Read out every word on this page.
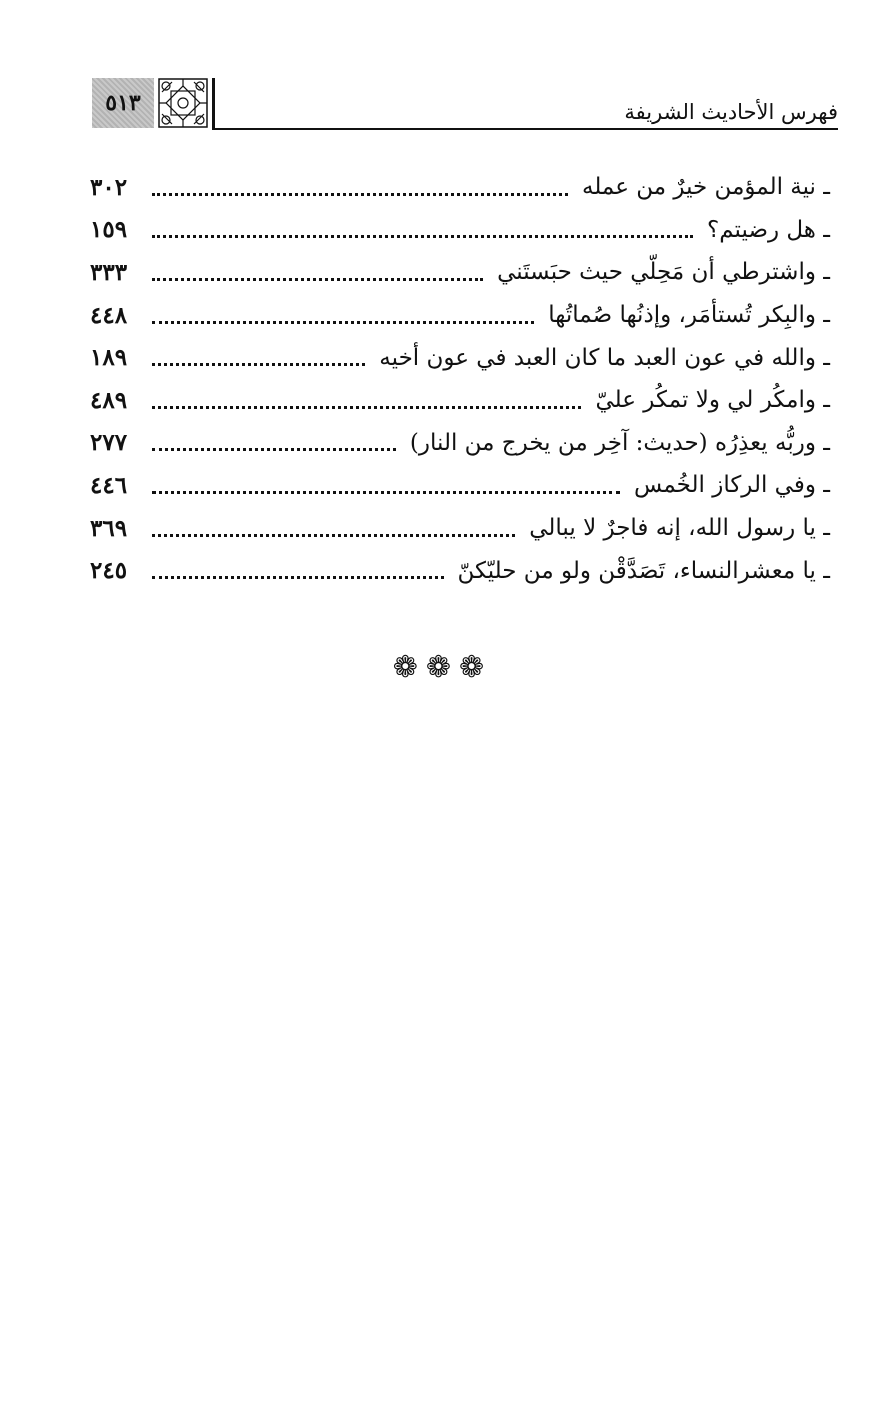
٥١٣	فهرس الأحاديث الشريفة
ـ نية المؤمن خيرٌ من عمله
٣٠٢
ـ هل رضيتم؟
١٥٩
ـ واشترطي أن مَحِلّي حيث حبَستَني
٣٣٣
ـ والبِكر تُستأمَر، وإذنُها صُماتُها
٤٤٨
ـ والله في عون العبد ما كان العبد في عون أخيه
١٨٩
ـ وامكُر لي ولا تمكُر عليّ
٤٨٩
ـ وربُّه يعذِرُه (حديث: آخِر من يخرج من النار)
٢٧٧
ـ وفي الركاز الخُمس
٤٤٦
ـ يا رسول الله، إنه فاجرٌ لا يبالي
٣٦٩
ـ يا معشرالنساء، تَصَدَّقْن ولو من حليّكنّ
٢٤٥
❁❁❁
